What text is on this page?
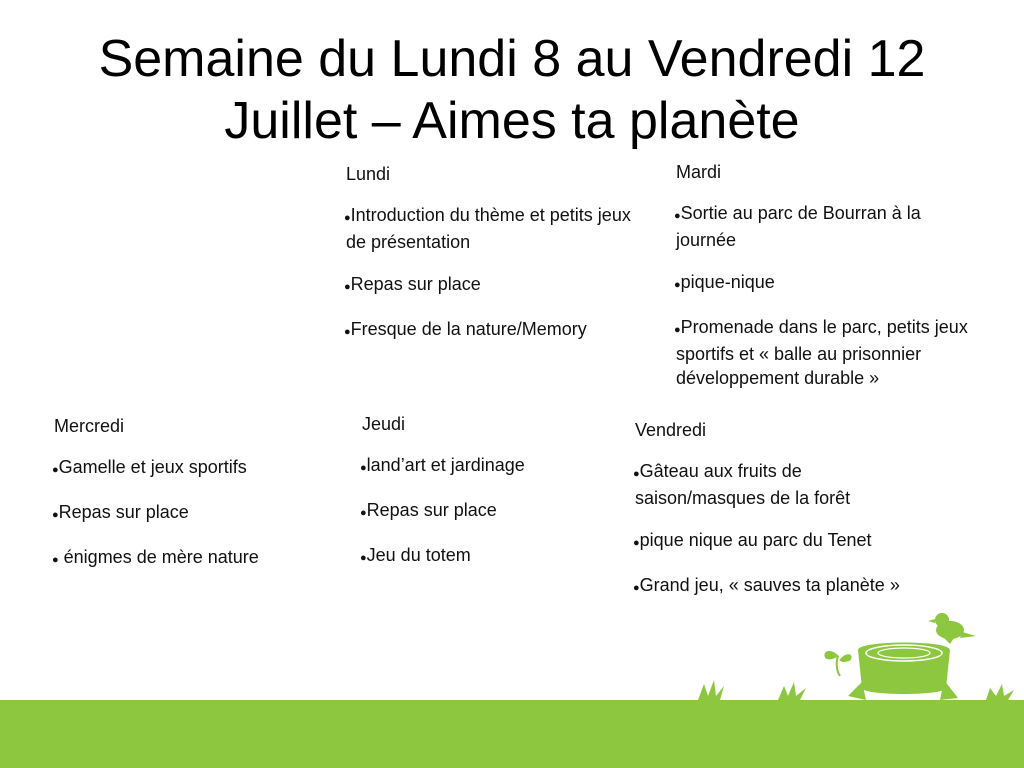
Semaine du Lundi 8 au Vendredi 12
Juillet – Aimes ta planète
Lundi
●Introduction du thème et petits jeux de présentation
●Repas sur place
●Fresque de la nature/Memory
Mardi
●Sortie au parc de Bourran à la journée
●pique-nique
●Promenade dans le parc, petits jeux sportifs et « balle au prisonnier développement durable »
Mercredi
●Gamelle et jeux sportifs
●Repas sur place
● énigmes de mère nature
Jeudi
●land’art et jardinage
●Repas sur place
●Jeu du totem
Vendredi
●Gâteau aux fruits de saison/masques de la forêt
●pique nique au parc du Tenet
●Grand jeu, « sauves ta planète »
